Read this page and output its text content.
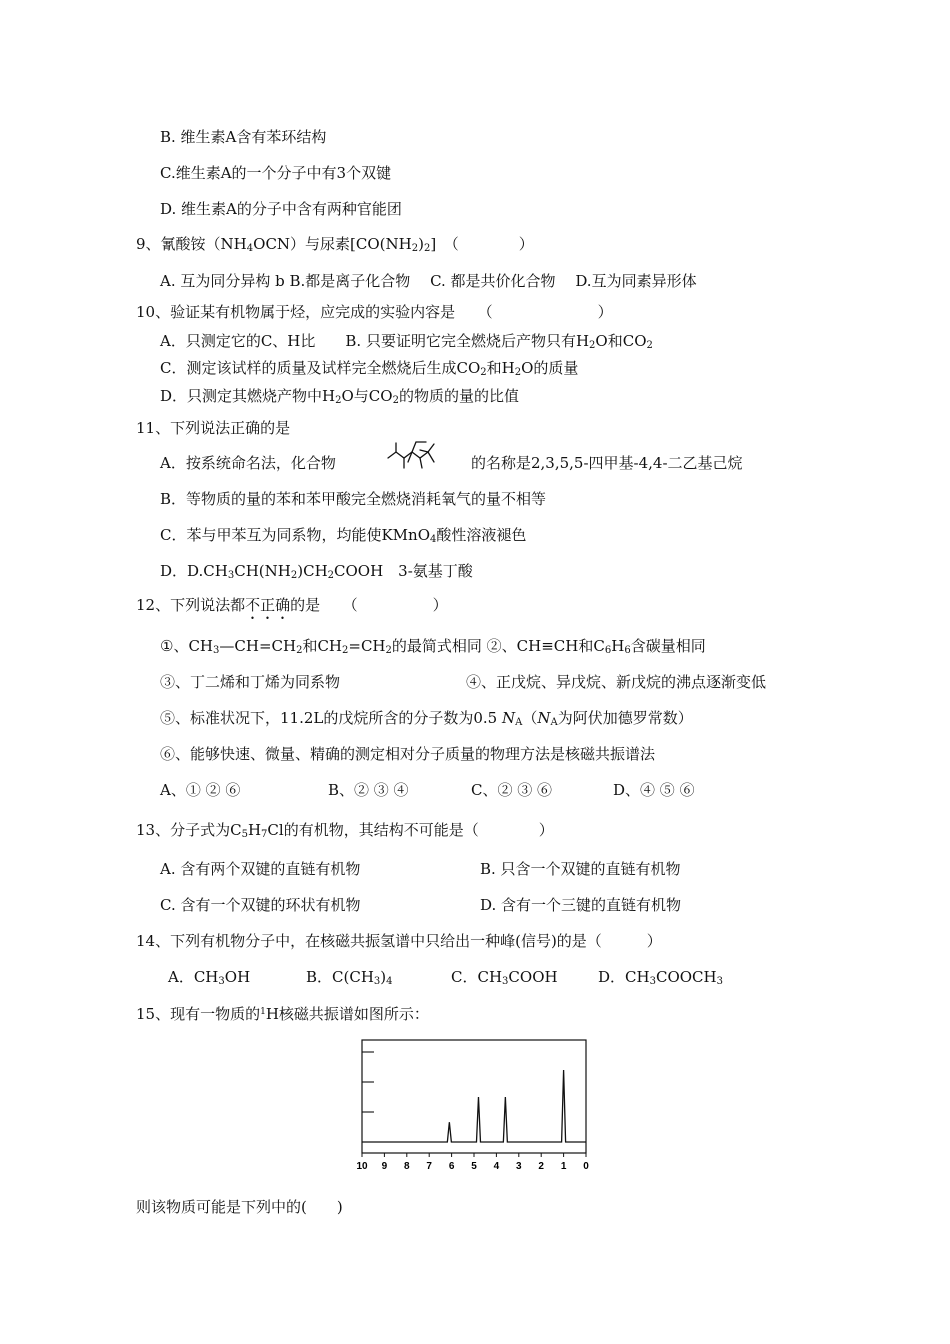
B. 维生素A含有苯环结构
C.维生素A的一个分子中有3个双键
D. 维生素A的分子中含有两种官能团
9、氰酸铵$(NH_4OCN)$与尿素$[CO(NH_2)_2]$　（　　　　）
A. 互为同分异构 b B.都是离子化合物　 C. 都是共价化合物　 D.互为同素异形体
10、验证某有机物属于烃，应完成的实验内容是　　（　　　　　　　）
A．只测定它的C、H比　　B. 只要证明它完全燃烧后产物只有$H_2O$和$CO_2$
C．测定该试样的质量及试样完全燃烧后生成$CO_2$和$H_2O$的质量
D．只测定其燃烧产物中$H_2O$与$CO_2$的物质的量的比值
11、下列说法正确的是
A．按系统命名法，化合物	的名称是2,3,5,5-四甲基-4,4-二乙基己烷
B．等物质的量的苯和苯甲酸完全燃烧消耗氧气的量不相等
C．苯与甲苯互为同系物，均能使KMnO$_4$酸性溶液褪色
D．$D.CH_3CH(NH_2)CH_2COOH$　3-氨基丁酸
12、下列说法都不正确的是　　（　　　　　）
①、$CH_3—CH=CH_2$和$CH_2=CH_2$的最简式相同 ②、CH≡CH和$C_6H_6$含碳量相同
③、丁二烯和丁烯为同系物	④、正戊烷、异戊烷、新戊烷的沸点逐渐变低
⑤、标准状况下，11.2L的戊烷所含的分子数为0.5 $N_A(N_A$为阿伏加德罗常数）
⑥、能够快速、微量、精确的测定相对分子质量的物理方法是核磁共振谱法
A、① ② ⑥	B、② ③ ④	C、② ③ ⑥	D、④ ⑤ ⑥
13、分子式为$C_5H_7Cl$的有机物，其结构不可能是（　　　　）
A. 含有两个双键的直链有机物	B. 只含一个双键的直链有机物
C. 含有一个双键的环状有机物	D. 含有一个三键的直链有机物
14、下列有机物分子中，在核磁共振氢谱中只给出一种峰(信号)的是（　　　）
A．$CH_3OH$	B．$C(CH_3)_4$	C．$CH_3COOH$	D．$CH_3COOCH_3$
15、现有一物质的$^1$H核磁共振谱如图所示：
10 9 8 7 6 5 4 3 2 1 0
则该物质可能是下列中的(　　)
